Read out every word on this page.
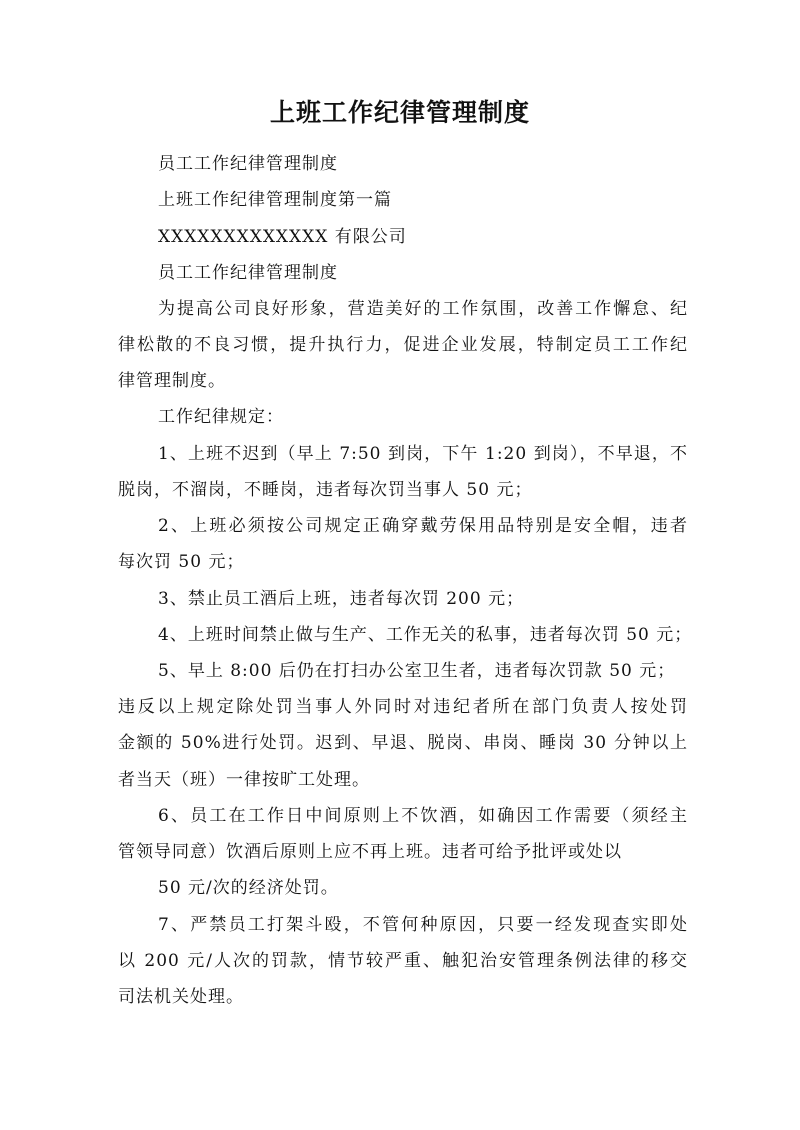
上班工作纪律管理制度

员工工作纪律管理制度

上班工作纪律管理制度第一篇

XXXXXXXXXXXXX 有限公司

员工工作纪律管理制度

为提高公司良好形象，营造美好的工作氛围，改善工作懈怠、纪

律松散的不良习惯，提升执行力，促进企业发展，特制定员工工作纪

律管理制度。

工作纪律规定：

1、上班不迟到（早上 7:50 到岗，下午 1:20 到岗），不早退，不

脱岗，不溜岗，不睡岗，违者每次罚当事人 50 元；

2、上班必须按公司规定正确穿戴劳保用品特别是安全帽，违者

每次罚 50 元；

3、禁止员工酒后上班，违者每次罚 200 元；

4、上班时间禁止做与生产、工作无关的私事，违者每次罚 50 元；

5、早上 8:00 后仍在打扫办公室卫生者，违者每次罚款 50 元；

违反以上规定除处罚当事人外同时对违纪者所在部门负责人按处罚

金额的 50%进行处罚。迟到、早退、脱岗、串岗、睡岗 30 分钟以上

者当天（班）一律按旷工处理。

6、员工在工作日中间原则上不饮酒，如确因工作需要（须经主

管领导同意）饮酒后原则上应不再上班。违者可给予批评或处以

50 元/次的经济处罚。

7、严禁员工打架斗殴，不管何种原因，只要一经发现查实即处

以 200 元/人次的罚款，情节较严重、触犯治安管理条例法律的移交

司法机关处理。
